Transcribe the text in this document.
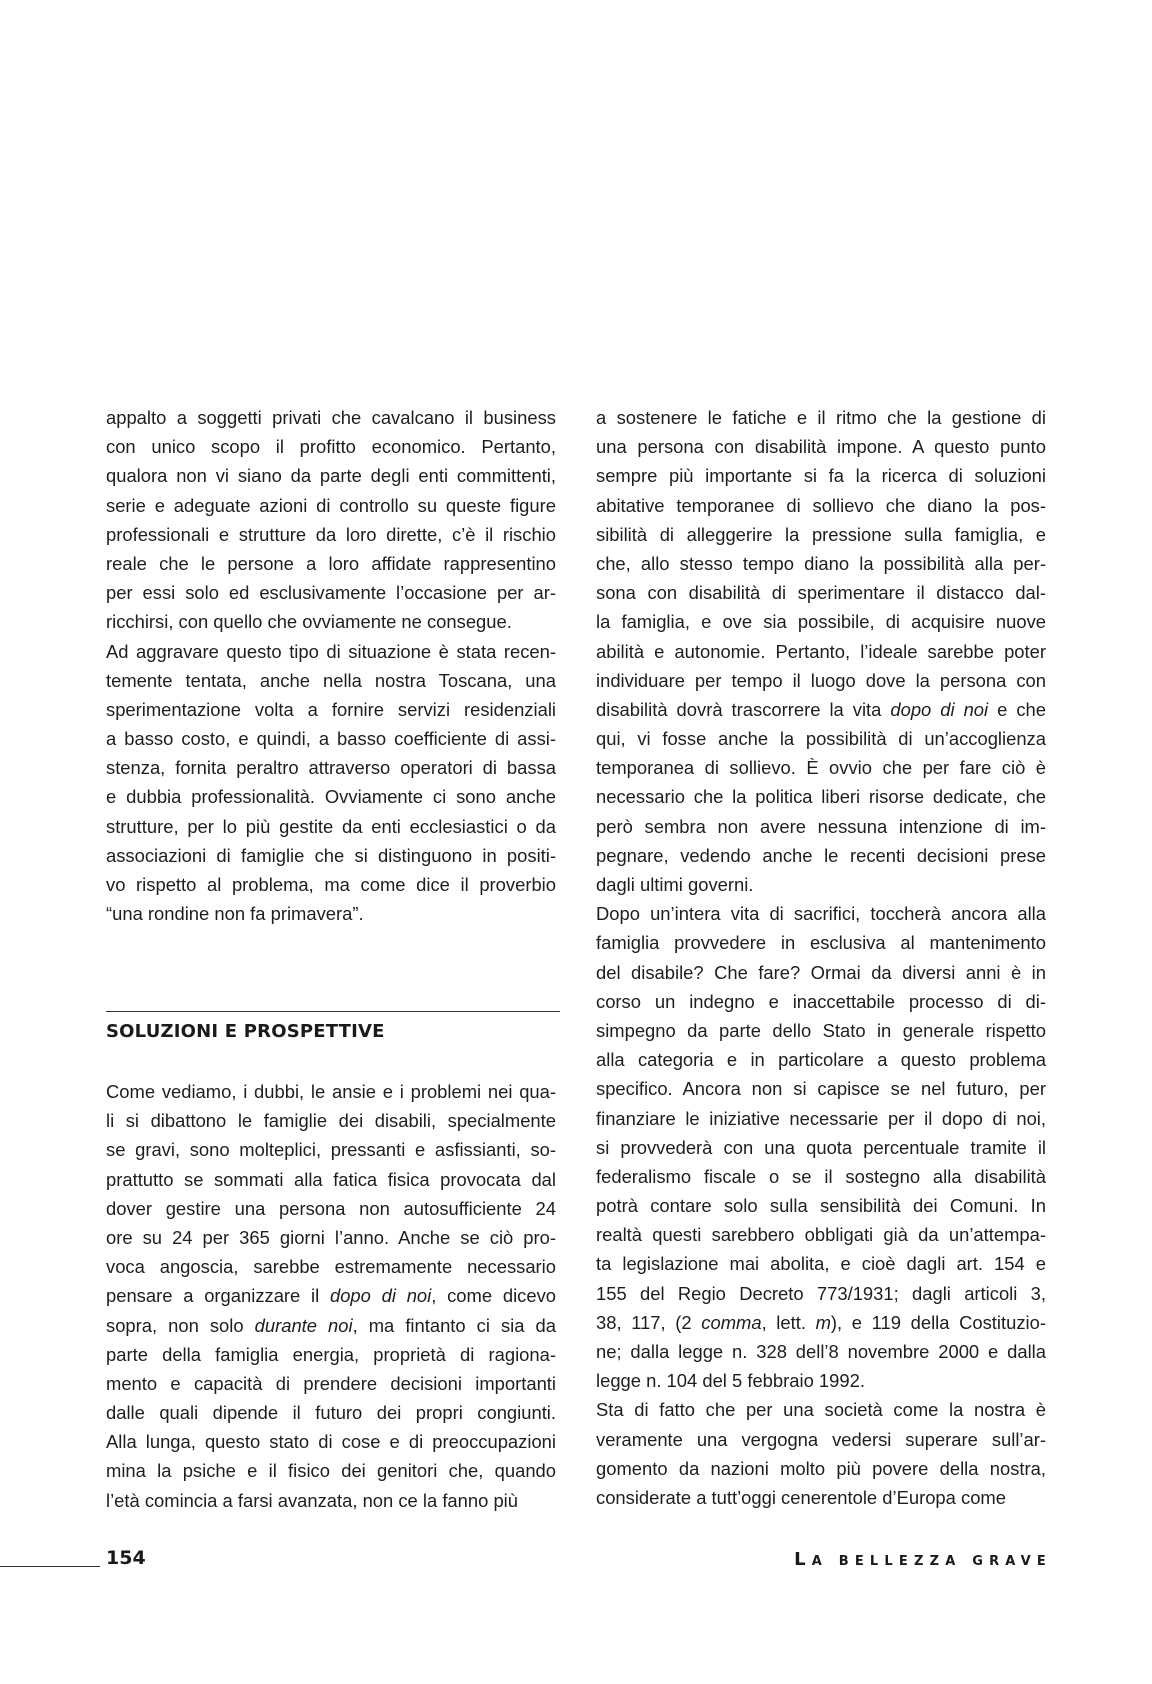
appalto a soggetti privati che cavalcano il business
con unico scopo il profitto economico. Pertanto,
qualora non vi siano da parte degli enti committenti,
serie e adeguate azioni di controllo su queste figure
professionali e strutture da loro dirette, c’è il rischio
reale che le persone a loro affidate rappresentino
per essi solo ed esclusivamente l’occasione per ar-
ricchirsi, con quello che ovviamente ne consegue.
Ad aggravare questo tipo di situazione è stata recen-
temente tentata, anche nella nostra Toscana, una
sperimentazione volta a fornire servizi residenziali
a basso costo, e quindi, a basso coefficiente di assi-
stenza, fornita peraltro attraverso operatori di bassa
e dubbia professionalità. Ovviamente ci sono anche
strutture, per lo più gestite da enti ecclesiastici o da
associazioni di famiglie che si distinguono in positi-
vo rispetto al problema, ma come dice il proverbio
“una rondine non fa primavera”.
SOLUZIONI E PROSPETTIVE
Come vediamo, i dubbi, le ansie e i problemi nei qua-
li si dibattono le famiglie dei disabili, specialmente
se gravi, sono molteplici, pressanti e asfissianti, so-
prattutto se sommati alla fatica fisica provocata dal
dover gestire una persona non autosufficiente 24
ore su 24 per 365 giorni l’anno. Anche se ciò pro-
voca angoscia, sarebbe estremamente necessario
pensare a organizzare il dopo di noi, come dicevo
sopra, non solo durante noi, ma fintanto ci sia da
parte della famiglia energia, proprietà di ragiona-
mento e capacità di prendere decisioni importanti
dalle quali dipende il futuro dei propri congiunti.
Alla lunga, questo stato di cose e di preoccupazioni
mina la psiche e il fisico dei genitori che, quando
l’età comincia a farsi avanzata, non ce la fanno più
a sostenere le fatiche e il ritmo che la gestione di
una persona con disabilità impone. A questo punto
sempre più importante si fa la ricerca di soluzioni
abitative temporanee di sollievo che diano la pos-
sibilità di alleggerire la pressione sulla famiglia, e
che, allo stesso tempo diano la possibilità alla per-
sona con disabilità di sperimentare il distacco dal-
la famiglia, e ove sia possibile, di acquisire nuove
abilità e autonomie. Pertanto, l’ideale sarebbe poter
individuare per tempo il luogo dove la persona con
disabilità dovrà trascorrere la vita dopo di noi e che
qui, vi fosse anche la possibilità di un’accoglienza
temporanea di sollievo. È ovvio che per fare ciò è
necessario che la politica liberi risorse dedicate, che
però sembra non avere nessuna intenzione di im-
pegnare, vedendo anche le recenti decisioni prese
dagli ultimi governi.
Dopo un’intera vita di sacrifici, toccherà ancora alla
famiglia provvedere in esclusiva al mantenimento
del disabile? Che fare? Ormai da diversi anni è in
corso un indegno e inaccettabile processo di di-
simpegno da parte dello Stato in generale rispetto
alla categoria e in particolare a questo problema
specifico. Ancora non si capisce se nel futuro, per
finanziare le iniziative necessarie per il dopo di noi,
si provvederà con una quota percentuale tramite il
federalismo fiscale o se il sostegno alla disabilità
potrà contare solo sulla sensibilità dei Comuni. In
realtà questi sarebbero obbligati già da un’attempa-
ta legislazione mai abolita, e cioè dagli art. 154 e
155 del Regio Decreto 773/1931; dagli articoli 3,
38, 117, (2 comma, lett. m), e 119 della Costituzio-
ne; dalla legge n. 328 dell’8 novembre 2000 e dalla
legge n. 104 del 5 febbraio 1992.
Sta di fatto che per una società come la nostra è
veramente una vergogna vedersi superare sull’ar-
gomento da nazioni molto più povere della nostra,
considerate a tutt’oggi cenerentole d’Europa come
154	LA BELLEZZA GRAVE
